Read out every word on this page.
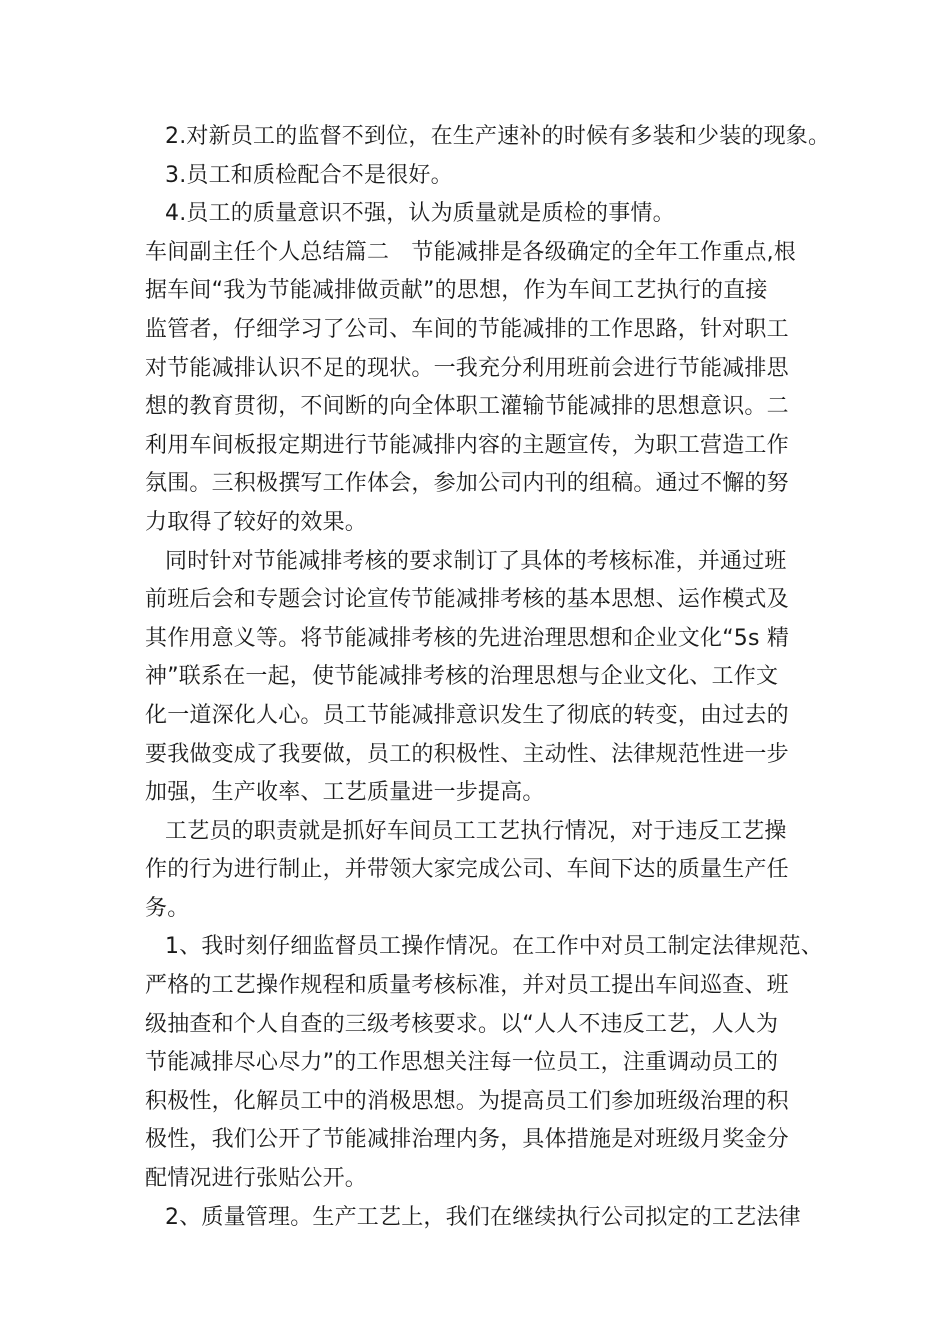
2.对新员工的监督不到位，在生产速补的时候有多装和少装的现象。
3.员工和质检配合不是很好。
4.员工的质量意识不强，认为质量就是质检的事情。
车间副主任个人总结篇二　节能减排是各级确定的全年工作重点,根
据车间“我为节能减排做贡献”的思想，作为车间工艺执行的直接
监管者，仔细学习了公司、车间的节能减排的工作思路，针对职工
对节能减排认识不足的现状。一我充分利用班前会进行节能减排思
想的教育贯彻，不间断的向全体职工灌输节能减排的思想意识。二
利用车间板报定期进行节能减排内容的主题宣传，为职工营造工作
氛围。三积极撰写工作体会，参加公司内刊的组稿。通过不懈的努
力取得了较好的效果。
同时针对节能减排考核的要求制订了具体的考核标准，并通过班
前班后会和专题会讨论宣传节能减排考核的基本思想、运作模式及
其作用意义等。将节能减排考核的先进治理思想和企业文化“5s 精
神”联系在一起，使节能减排考核的治理思想与企业文化、工作文
化一道深化人心。员工节能减排意识发生了彻底的转变，由过去的
要我做变成了我要做，员工的积极性、主动性、法律规范性进一步
加强，生产收率、工艺质量进一步提高。
工艺员的职责就是抓好车间员工工艺执行情况，对于违反工艺操
作的行为进行制止，并带领大家完成公司、车间下达的质量生产任
务。
1、我时刻仔细监督员工操作情况。在工作中对员工制定法律规范、
严格的工艺操作规程和质量考核标准，并对员工提出车间巡查、班
级抽查和个人自查的三级考核要求。以“人人不违反工艺，人人为
节能减排尽心尽力”的工作思想关注每一位员工，注重调动员工的
积极性，化解员工中的消极思想。为提高员工们参加班级治理的积
极性，我们公开了节能减排治理内务，具体措施是对班级月奖金分
配情况进行张贴公开。
2、质量管理。生产工艺上，我们在继续执行公司拟定的工艺法律
